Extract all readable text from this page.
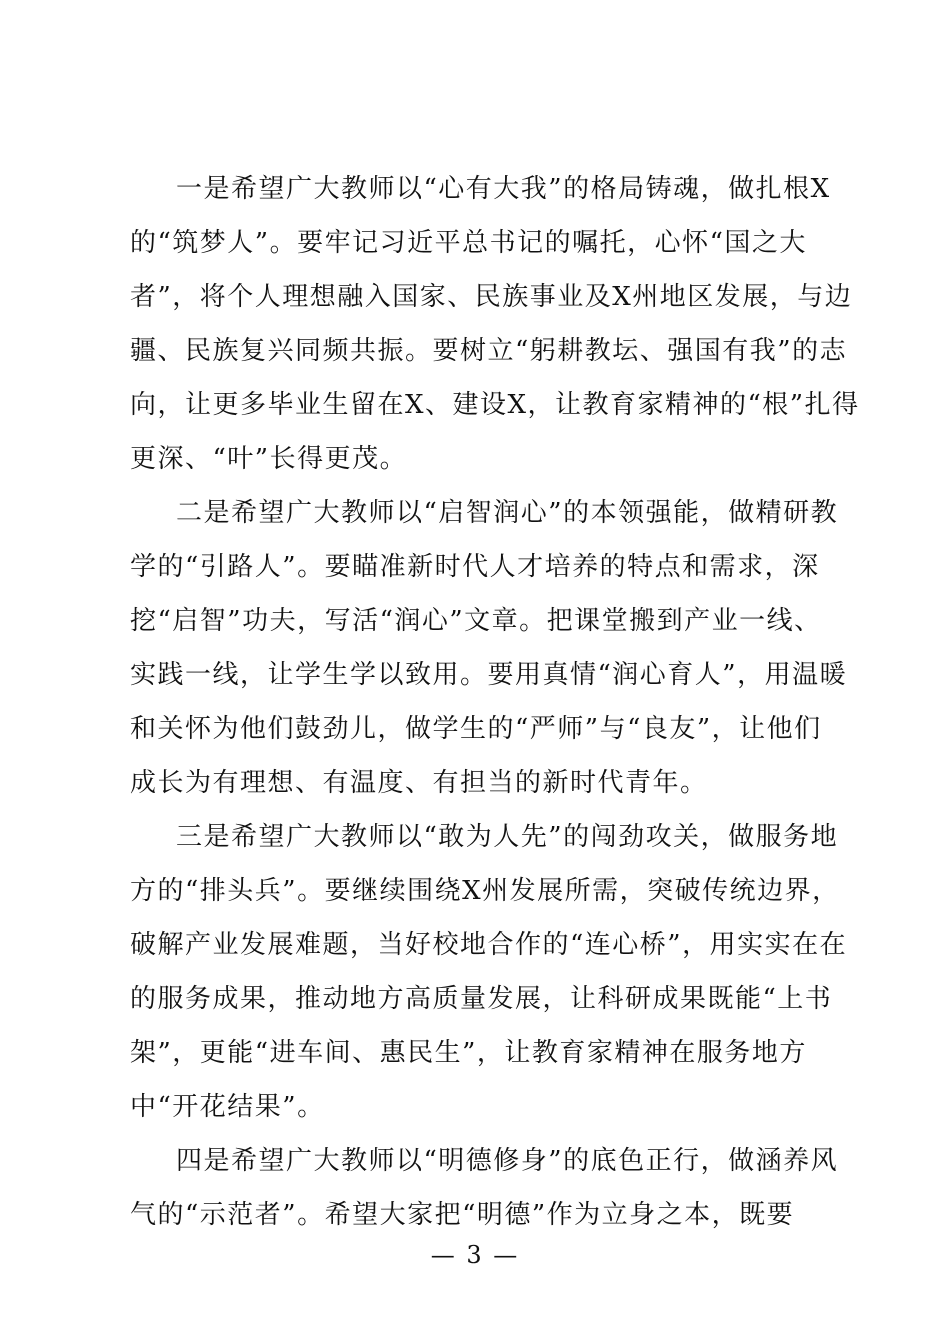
一是希望广大教师以“心有大我”的格局铸魂，做扎根X
的“筑梦人”。要牢记习近平总书记的嘱托，心怀“国之大
者”，将个人理想融入国家、民族事业及X州地区发展，与边
疆、民族复兴同频共振。要树立“躬耕教坛、强国有我”的志
向，让更多毕业生留在X、建设X，让教育家精神的“根”扎得
更深、“叶”长得更茂。
二是希望广大教师以“启智润心”的本领强能，做精研教
学的“引路人”。要瞄准新时代人才培养的特点和需求，深
挖“启智”功夫，写活“润心”文章。把课堂搬到产业一线、
实践一线，让学生学以致用。要用真情“润心育人”，用温暖
和关怀为他们鼓劲儿，做学生的“严师”与“良友”，让他们
成长为有理想、有温度、有担当的新时代青年。
三是希望广大教师以“敢为人先”的闯劲攻关，做服务地
方的“排头兵”。要继续围绕X州发展所需，突破传统边界，
破解产业发展难题，当好校地合作的“连心桥”，用实实在在
的服务成果，推动地方高质量发展，让科研成果既能“上书
架”，更能“进车间、惠民生”，让教育家精神在服务地方
中“开花结果”。
四是希望广大教师以“明德修身”的底色正行，做涵养风
气的“示范者”。希望大家把“明德”作为立身之本，既要
— 3 —
